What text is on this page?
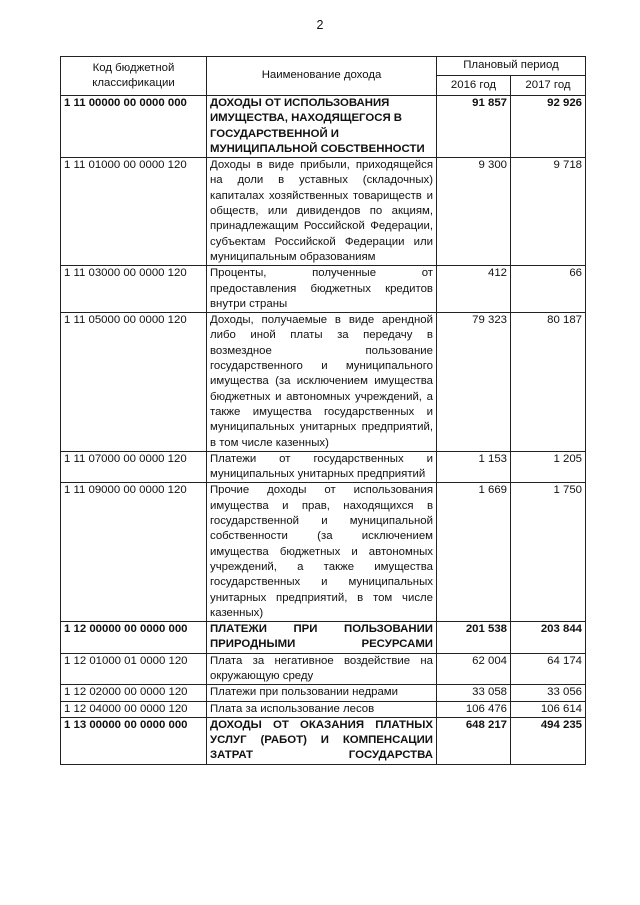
2
Код бюджетной классификации	Наименование дохода	Плановый период	
		2016 год	2017 год
1 11 00000 00 0000 000	ДОХОДЫ ОТ ИСПОЛЬЗОВАНИЯ ИМУЩЕСТВА, НАХОДЯЩЕГОСЯ В ГОСУДАРСТВЕННОЙ И МУНИЦИПАЛЬНОЙ СОБСТВЕННОСТИ	91 857	92 926
1 11 01000 00 0000 120	Доходы в виде прибыли, приходящейся на доли в уставных (складочных) капиталах хозяйственных товариществ и обществ, или дивидендов по акциям, принадлежащим Российской Федерации, субъектам Российской Федерации или муниципальным образованиям	9 300	9 718
1 11 03000 00 0000 120	Проценты, полученные от предоставления бюджетных кредитов внутри страны	412	66
1 11 05000 00 0000 120	Доходы, получаемые в виде арендной либо иной платы за передачу в возмездное пользование государственного и муниципального имущества (за исключением имущества бюджетных и автономных учреждений, а также имущества государственных и муниципальных унитарных предприятий, в том числе казенных)	79 323	80 187
1 11 07000 00 0000 120	Платежи от государственных и муниципальных унитарных предприятий	1 153	1 205
1 11 09000 00 0000 120	Прочие доходы от использования имущества и прав, находящихся в государственной и муниципальной собственности (за исключением имущества бюджетных и автономных учреждений, а также имущества государственных и муниципальных унитарных предприятий, в том числе казенных)	1 669	1 750
1 12 00000 00 0000 000	ПЛАТЕЖИ ПРИ ПОЛЬЗОВАНИИ ПРИРОДНЫМИ РЕСУРСАМИ	201 538	203 844
1 12 01000 01 0000 120	Плата за негативное воздействие на окружающую среду	62 004	64 174
1 12 02000 00 0000 120	Платежи при пользовании недрами	33 058	33 056
1 12 04000 00 0000 120	Плата за использование лесов	106 476	106 614
1 13 00000 00 0000 000	ДОХОДЫ ОТ ОКАЗАНИЯ ПЛАТНЫХ УСЛУГ (РАБОТ) И КОМПЕНСАЦИИ ЗАТРАТ ГОСУДАРСТВА	648 217	494 235
